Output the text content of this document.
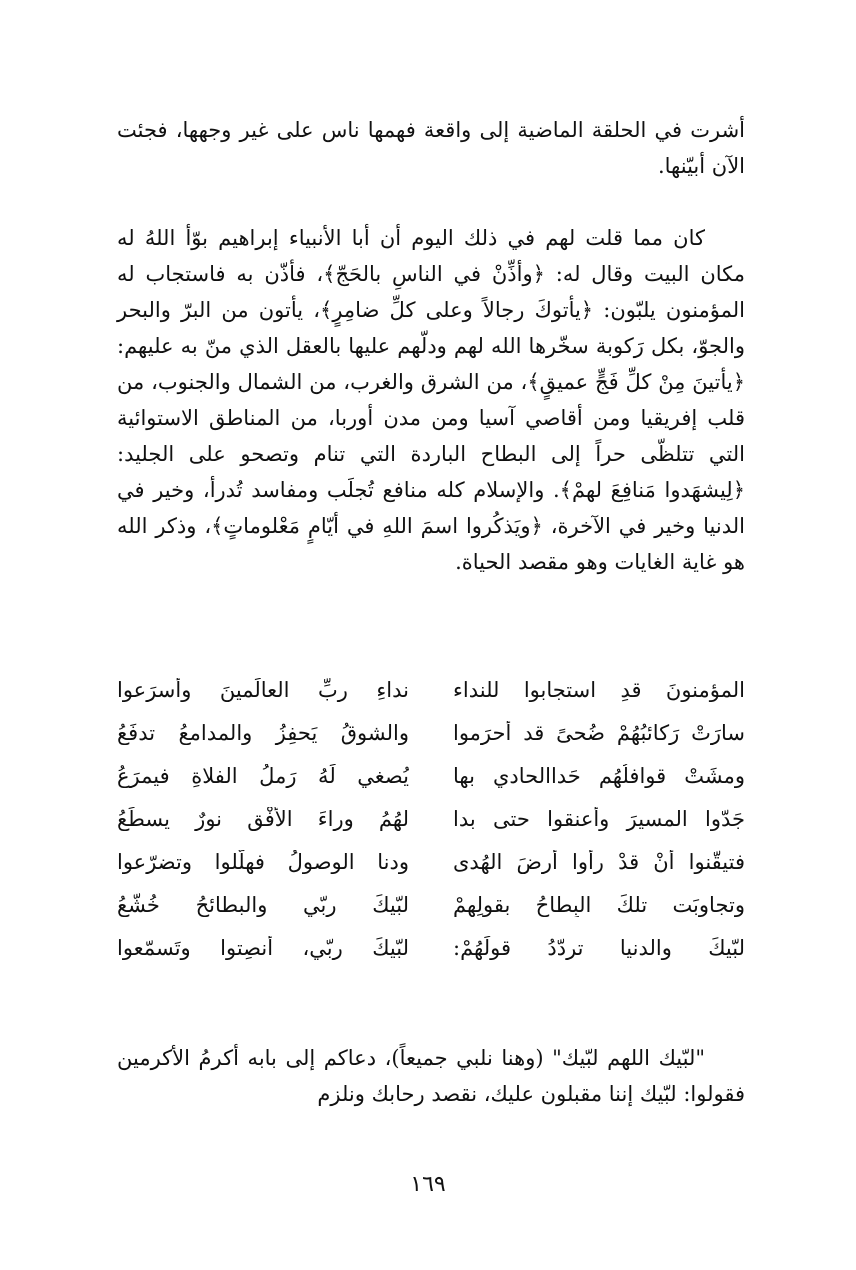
أشرت في الحلقة الماضية إلى واقعة فهمها ناس على غير وجهها، فجئت الآن أبيّنها.

كان مما قلت لهم في ذلك اليوم أن أبا الأنبياء إبراهيم بوّأ اللهُ له مكان البيت وقال له: ﴿وأذِّنْ في الناسِ بالحَجّ﴾، فأذّن به فاستجاب له المؤمنون يلبّون: ﴿يأتوكَ رجالاً وعلى كلِّ ضامِرٍ﴾، يأتون من البرّ والبحر والجوّ، بكل رَكوبة سخّرها الله لهم ودلّهم عليها بالعقل الذي منّ به عليهم: ﴿يأتينَ مِنْ كلِّ فَجٍّ عميقٍ﴾، من الشرق والغرب، من الشمال والجنوب، من قلب إفريقيا ومن أقاصي آسيا ومن مدن أوربا، من المناطق الاستوائية التي تتلظّى حراً إلى البطاح الباردة التي تنام وتصحو على الجليد: ﴿لِيشهَدوا مَنافِعَ لهمْ﴾. والإسلام كله منافع تُجلَب ومفاسد تُدرأ، وخير في الدنيا وخير في الآخرة، ﴿ويَذكُروا اسمَ اللهِ في أيّامٍ مَعْلوماتٍ﴾، وذكر الله هو غاية الغايات وهو مقصد الحياة.

المؤمنونَ قدِ استجابوا للنداء
نداءِ ربِّ العالَمينَ وأسرَعوا
سارَتْ رَكائبُهُمْ ضُحىً قد أحرَموا
والشوقُ يَحفِزُ والمدامعُ تدفَعُ
ومشَتْ قوافلُهُم حَداالحادي بها
يُصغي لَهُ رَملُ الفلاةِ فيمرَعُ
جَدّوا المسيرَ وأعنقوا حتى بدا
لهُمُ وراءَ الأُفْقِ نورٌ يسطَعُ
فتيقّنوا أنْ قدْ رأَوا أرضَ الهُدى
ودنا الوصولُ فهلّلوا وتضرّعوا
وتجاوبَت تلكَ البِطاحُ بقولِهِمْ
لبّيكَ ربّي والبطائحُ خُشّعُ
لبّيكَ والدنيا تردّدُ قولَهُمْ:
لبّيكَ ربّي، أنصِتوا وتَسمّعوا

"لبّيك اللهم لبّيك" (وهنا نلبي جميعاً)، دعاكم إلى بابه أكرمُ الأكرمين فقولوا: لبّيك إننا مقبلون عليك، نقصد رحابك ونلزم

١٦٩
